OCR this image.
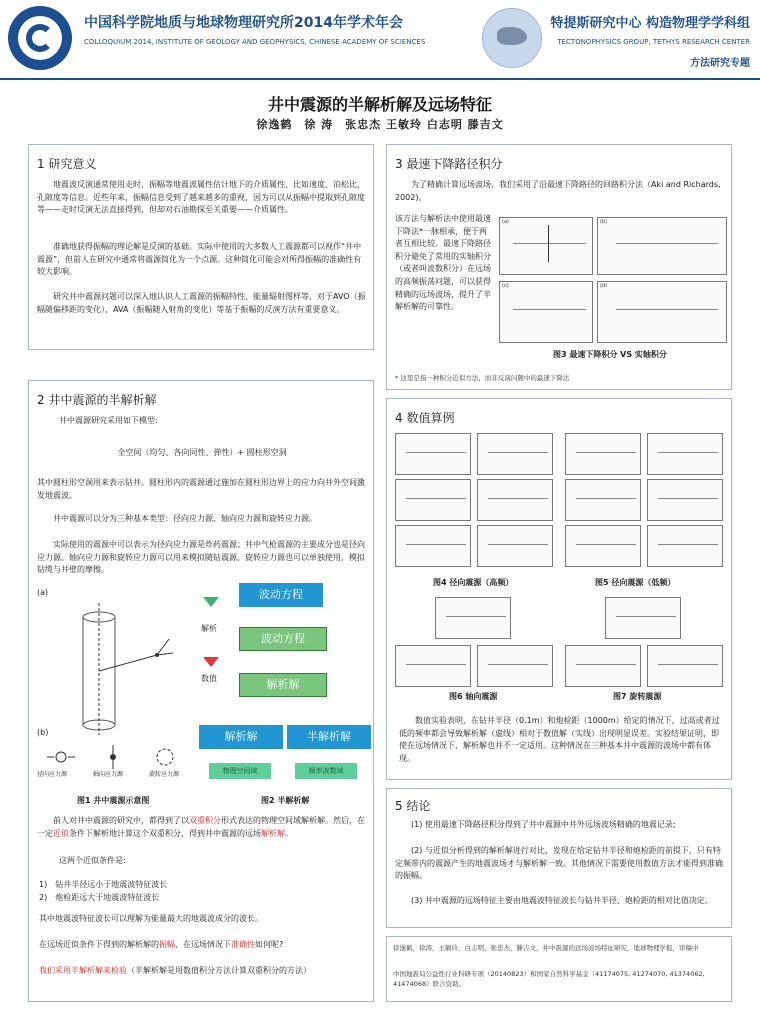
中国科学院地质与地球物理研究所2014年学术年会
COLLOQUIUM 2014, INSTITUTE OF GEOLOGY AND GEOPHYSICS, CHINESE ACADEMY OF SCIENCES
特提斯研究中心 构造物理学学科组
TECTONOPHYSICS GROUP, TETHYS RESEARCH CENTER
方法研究专题
井中震源的半解析解及远场特征
徐逸鹤　徐 涛　张忠杰 王敏玲 白志明 滕吉文
1 研究意义
地震波反演通常使用走时、振幅等地震波属性估计地下的介质属性，比如速度、泊松比，孔隙度等信息。近些年来，振幅信息受到了越来越多的重视，因为可以从振幅中提取到孔隙度等——走时反演无法直接得到，但却对石油勘探至关重要——介质属性。
准确地获得振幅的理论解是反演的基础。实际中使用的大多数人工震源都可以视作“井中震源”，但前人在研究中通常将震源简化为一个点源。这种简化可能会对所得振幅的准确性有较大影响。
研究井中震源问题可以深入地认识人工震源的振幅特性，能量辐射图样等，对于AVO（振幅随偏移距的变化），AVA（振幅随入射角的变化）等基于振幅的反演方法有重要意义。
2 井中震源的半解析解
井中震源研究采用如下模型:
全空间（均匀、各向同性、弹性）+ 圆柱形空洞
其中圆柱形空洞用来表示钻井。圆柱形内的震源通过施加在圆柱形边界上的应力向井外空间激发地震波。
井中震源可以分为三种基本类型：径向应力源、轴向应力源和旋转应力源。
实际使用的震源中可以表示为径向应力源是炸药震源；井中气枪震源的主要成分也是径向应力源。轴向应力源和旋转应力源可以用来模拟随钻震源。旋转应力源也可以单独使用，模拟钻缆与井壁的摩擦。
(a)
(b)
径向应力源	轴向应力源	旋转应力源
波动方程
解析
波动方程
数值	解析解
解析解	半解析解
物理空间域	频率波数域
图1 井中震源示意图	图2 半解析解
前人对井中震源的研究中，都得到了以双重积分形式表达的物理空间域解析解。然后，在一定近似条件下解析地计算这个双重积分，得到井中震源的远场解析解。
这两个近似条件是:
1)　钻井半径远小于地震波特征波长
2)　炮检距远大于地震波特征波长
其中地震波特征波长可以理解为能量最大的地震波成分的波长。
在远场近似条件下得到的解析解的振幅，在远场情况下准确性如何呢?
我们采用半解析解来检验（半解析解是用数值积分方法计算双重积分的方法）
3 最速下降路径积分
为了精确计算远场波场，我们采用了沿最速下降路径的回路积分法（Aki and Richards, 2002)。
该方法与解析法中使用最速下降法*一脉相承，便于两者互相比较。最速下降路径积分避免了常用的实轴积分（或者叫波数积分）在远场的高频振荡问题，可以获得精确的远场波场，提升了半解析解的可靠性。
(a)	(b)
(c)	(d)
图3 最速下降积分 VS 实轴积分
* 这里是指一种积分近似方法，而非反演问题中的最速下降法
4 数值算例
图4 径向震源（高频）	图5 径向震源（低频）
图6 轴向震源	图7 旋转震源
数值实验表明，在钻井半径（0.1m）和炮检距（1000m）给定的情况下，过高或者过低的频率都会导致解析解（虚线）相对于数值解（实线）出现明显误差。实验结果证明，即使在远场情况下，解析解也并不一定适用。这种情况在三种基本井中震源的波场中都有体现。
5 结论
(1) 使用最速下降路径积分得到了井中震源中井外远场波场精确的地震记录;
(2) 与近似分析得到的解析解进行对比，发现在给定钻井半径和炮检距的前提下，只有特定频带内的震源产生的地震波场才与解析解一致。其他情况下需要使用数值方法才能得到准确的振幅。
(3) 井中震源的远场特征主要由地震波特征波长与钻井半径、炮检距的相对比值决定。
徐逸鹤，徐涛，王敏玲，白志明，张忠杰，滕吉文，井中震源的远场波场特征研究，地球物理学报，审稿中
中国地震局公益性行业科研专项（20140823）和国家自然科学基金（41174075, 41274070, 41374062, 41474068）联合资助。
